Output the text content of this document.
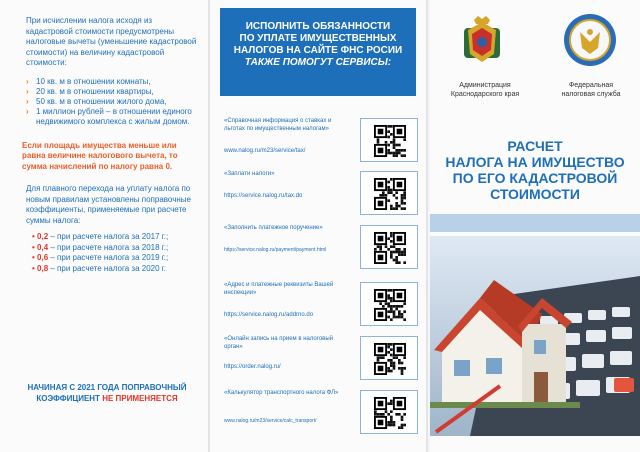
При исчислении налога исходя из кадастровой стоимости предусмотрены налоговые вычеты (уменьшение кадастровой стоимости) на величину кадастровой стоимости:

› 10 кв. м в отношении комнаты,
› 20 кв. м в отношении квартиры,
› 50 кв. м в отношении жилого дома,
› 1 миллион рублей – в отношении единого недвижимого комплекса с жилым домом.

Если площадь имущества меньше или равна величине налогового вычета, то сумма начислений по налогу равна 0.

Для плавного перехода на уплату налога по новым правилам установлены поправочные коэффициенты, применяемые при расчете суммы налога:

• 0,2 – при расчете налога за 2017 г.;
• 0,4 – при расчете налога за 2018 г.;
• 0,6 – при расчете налога за 2019 г.;
• 0,8 – при расчете налога за 2020 г.
НАЧИНАЯ С 2021 ГОДА ПОПРАВОЧНЫЙ КОЭФФИЦИЕНТ НЕ ПРИМЕНЯЕТСЯ
ИСПОЛНИТЬ ОБЯЗАННОСТИ
ПО УПЛАТЕ ИМУЩЕСТВЕННЫХ
НАЛОГОВ НА САЙТЕ ФНС РОСИИ
ТАКЖЕ ПОМОГУТ СЕРВИСЫ:
«Справочная информация о ставках и льготах по имущественным налогам»
www.nalog.ru/m23/service/tax/
«Заплати налоги»
https://service.nalog.ru/tax.do
«Заполнить платежное поручение»
https://service.nalog.ru/payment/payment.html
«Адрес и платежные реквизиты Вашей инспекции»
https://service.nalog.ru/addrno.do
«Онлайн запись на прием в налоговый орган»
https://order.nalog.ru/
«Калькулятор транспортного налога ФЛ»
www.nalog.ru/m23/service/calc_transport/
Администрация
Краснодарского края
Федеральная
налоговая служба
РАСЧЕТ
НАЛОГА НА ИМУЩЕСТВО
ПО ЕГО КАДАСТРОВОЙ
СТОИМОСТИ
